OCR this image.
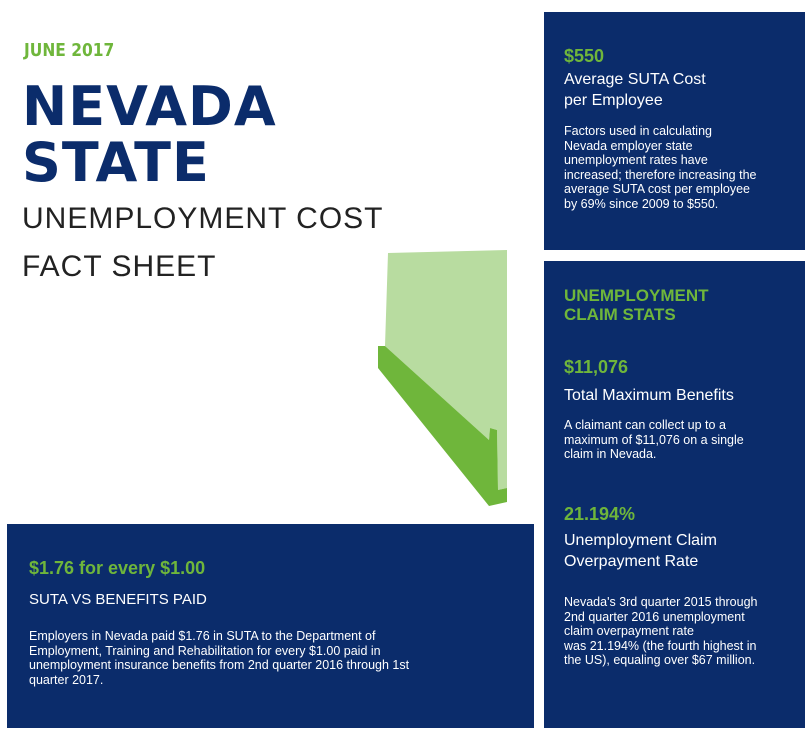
JUNE 2017
NEVADA
STATE
UNEMPLOYMENT COST
FACT SHEET
$550
Average SUTA Cost
per Employee
Factors used in calculating
Nevada employer state
unemployment rates have
increased; therefore increasing the
average SUTA cost per employee
by 69% since 2009 to $550.
UNEMPLOYMENT
CLAIM STATS
$11,076
Total Maximum Benefits
A claimant can collect up to a
maximum of $11,076 on a single
claim in Nevada.
21.194%
Unemployment Claim
Overpayment Rate
Nevada's 3rd quarter 2015 through
2nd quarter 2016 unemployment
claim overpayment rate
was 21.194% (the fourth highest in
the US), equaling over $67 million.
$1.76 for every $1.00
SUTA VS BENEFITS PAID
Employers in Nevada paid $1.76 in SUTA to the Department of
Employment, Training and Rehabilitation for every $1.00 paid in
unemployment insurance benefits from 2nd quarter 2016 through 1st
quarter 2017.
